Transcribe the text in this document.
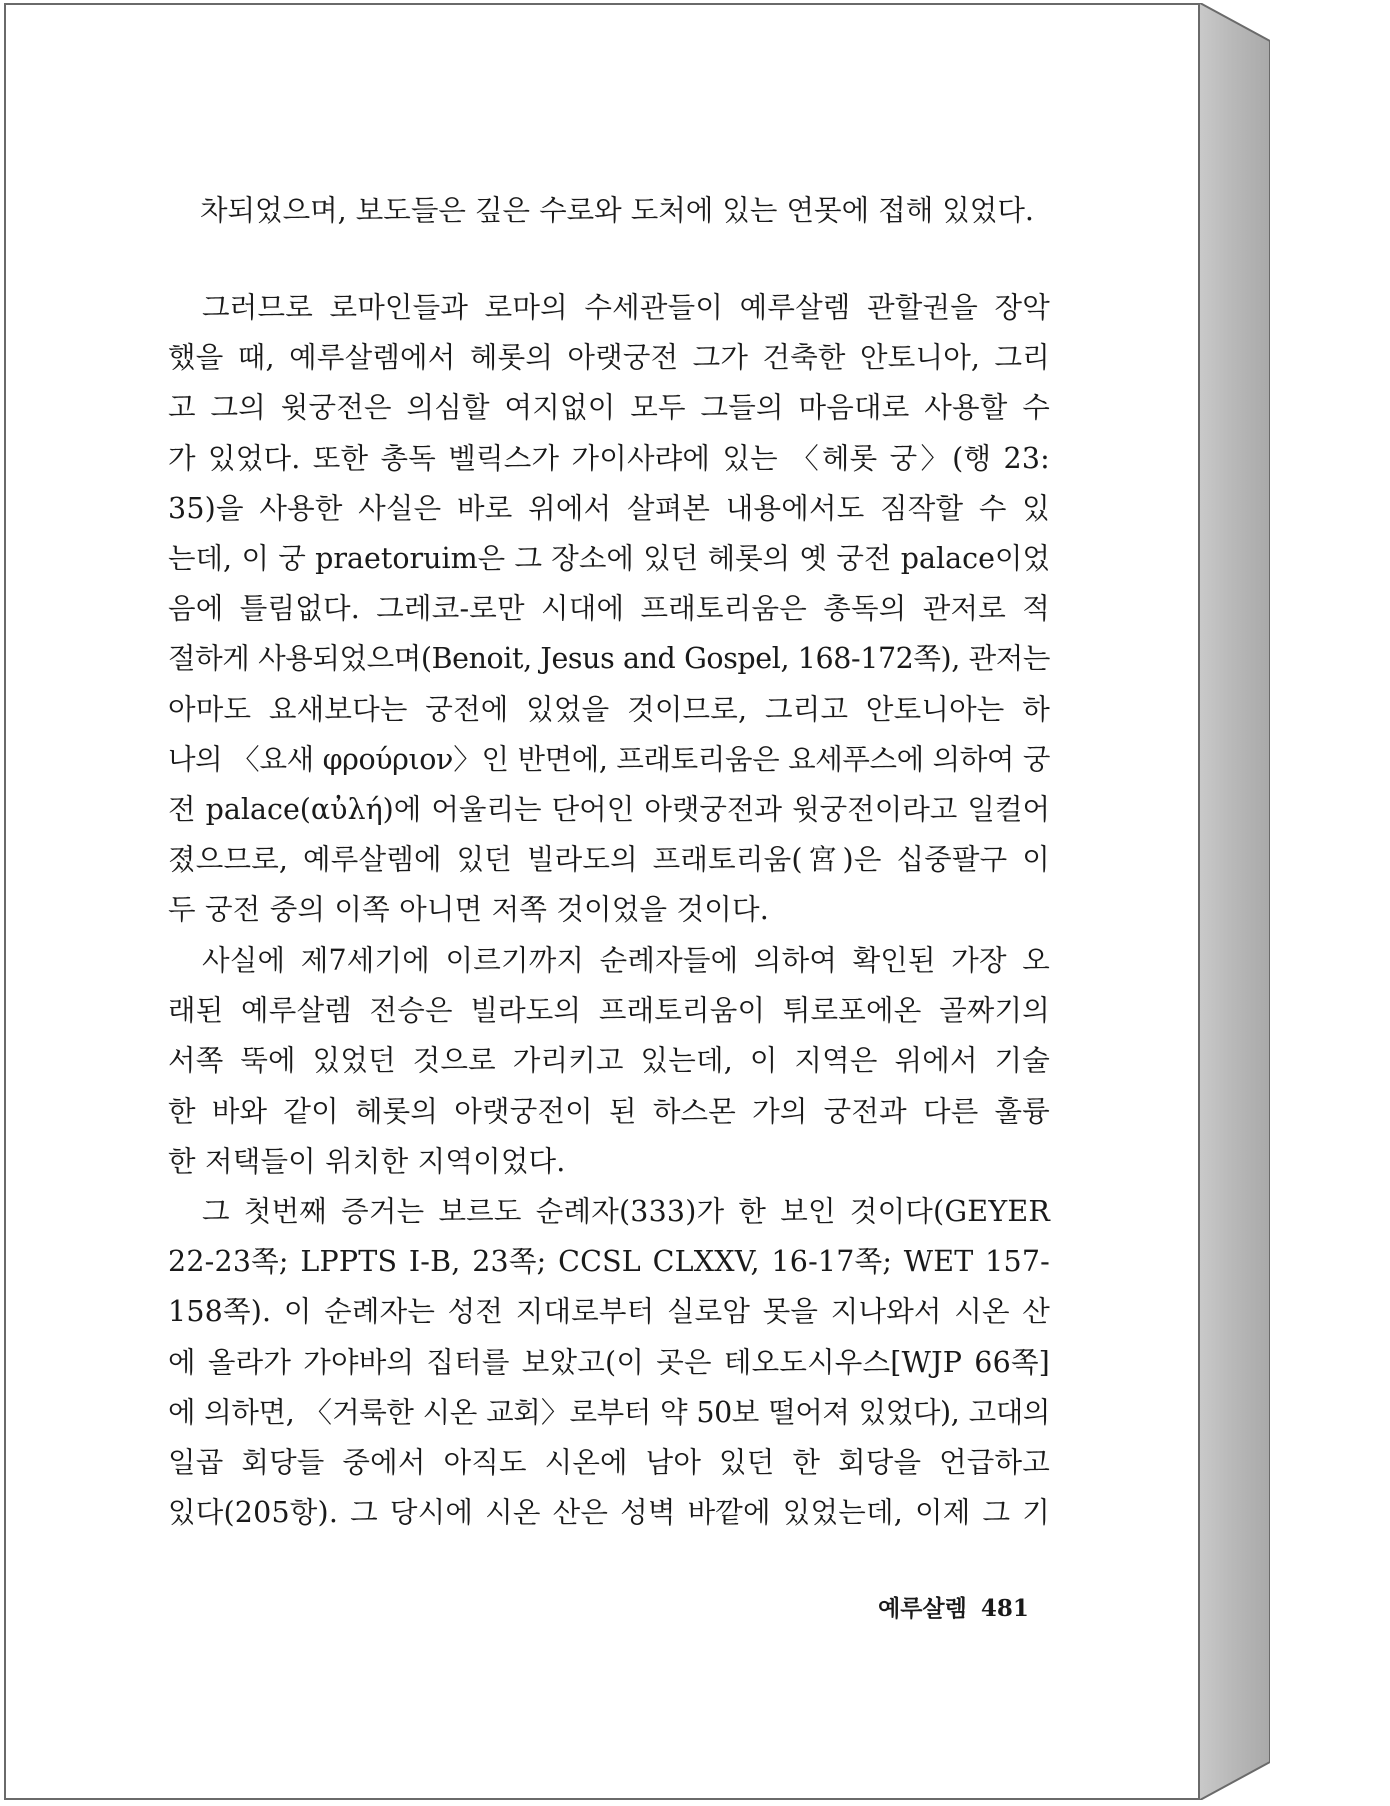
차되었으며, 보도들은 깊은 수로와 도처에 있는 연못에 접해 있었다.
그러므로 로마인들과 로마의 수세관들이 예루살렘 관할권을 장악
했을 때, 예루살렘에서 헤롯의 아랫궁전 그가 건축한 안토니아, 그리
고 그의 윗궁전은 의심할 여지없이 모두 그들의 마음대로 사용할 수
가 있었다. 또한 총독 벨릭스가 가이사랴에 있는 〈헤롯 궁〉(행 23:
35)을 사용한 사실은 바로 위에서 살펴본 내용에서도 짐작할 수 있
는데, 이 궁 praetoruim은 그 장소에 있던 헤롯의 옛 궁전 palace이었
음에 틀림없다. 그레코-로만 시대에 프래토리움은 총독의 관저로 적
절하게 사용되었으며(Benoit, Jesus and Gospel, 168-172쪽), 관저는
아마도 요새보다는 궁전에 있었을 것이므로, 그리고 안토니아는 하
나의 〈요새 φρούριον〉인 반면에, 프래토리움은 요세푸스에 의하여 궁
전 palace(αὐλή)에 어울리는 단어인 아랫궁전과 윗궁전이라고 일컬어
졌으므로, 예루살렘에 있던 빌라도의 프래토리움(宮)은 십중팔구 이
두 궁전 중의 이쪽 아니면 저쪽 것이었을 것이다.
사실에 제7세기에 이르기까지 순례자들에 의하여 확인된 가장 오
래된 예루살렘 전승은 빌라도의 프래토리움이 튀로포에온 골짜기의
서쪽 뚝에 있었던 것으로 가리키고 있는데, 이 지역은 위에서 기술
한 바와 같이 헤롯의 아랫궁전이 된 하스몬 가의 궁전과 다른 훌륭
한 저택들이 위치한 지역이었다.
그 첫번째 증거는 보르도 순례자(333)가 한 보인 것이다(GEYER
22-23쪽; LPPTS I-B, 23쪽; CCSL CLXXV, 16-17쪽; WET 157-
158쪽). 이 순례자는 성전 지대로부터 실로암 못을 지나와서 시온 산
에 올라가 가야바의 집터를 보았고(이 곳은 테오도시우스[WJP 66쪽]
에 의하면, 〈거룩한 시온 교회〉로부터 약 50보 떨어져 있었다), 고대의
일곱 회당들 중에서 아직도 시온에 남아 있던 한 회당을 언급하고
있다(205항). 그 당시에 시온 산은 성벽 바깥에 있었는데, 이제 그 기
예루살렘 481
